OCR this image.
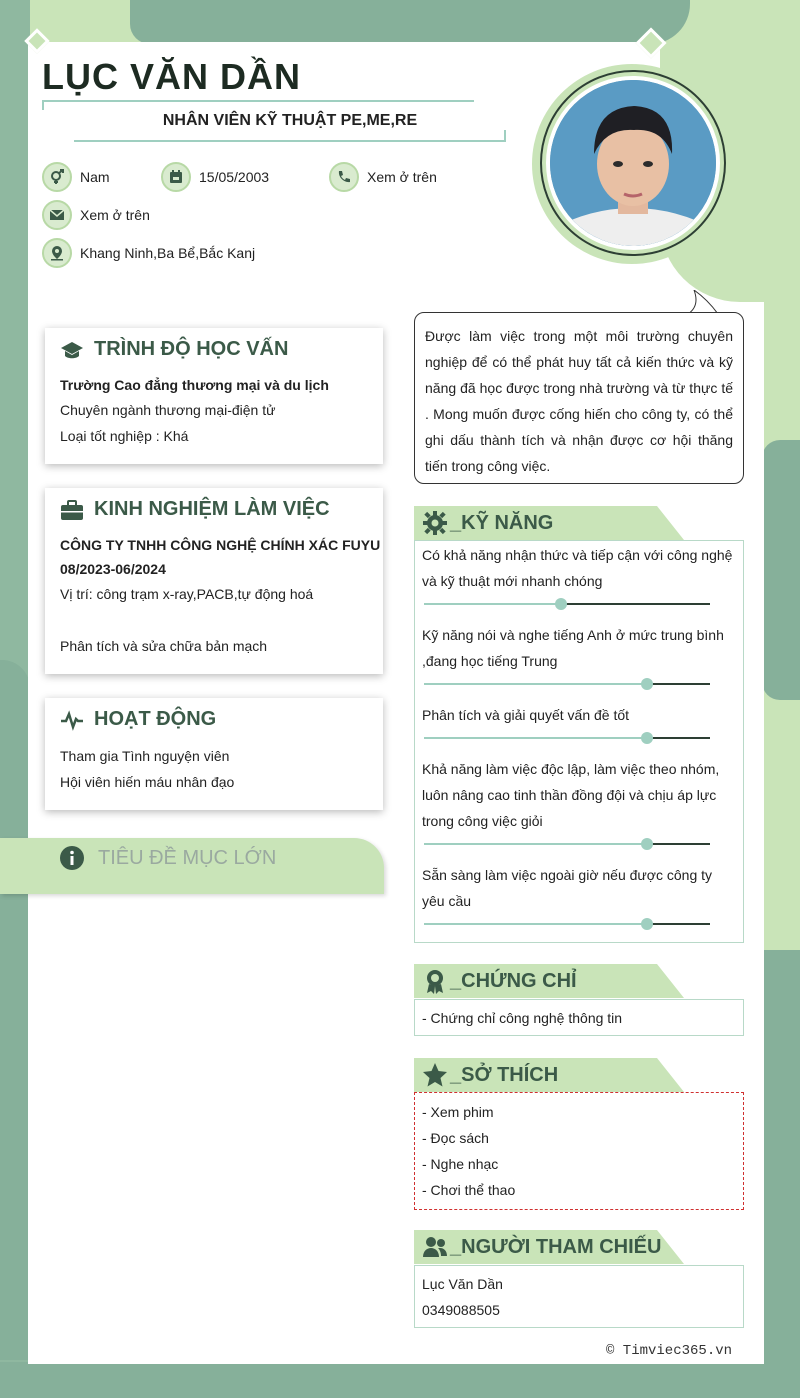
LỤC VĂN DẦN
NHÂN VIÊN KỸ THUẬT PE,ME,RE
Nam	15/05/2003	Xem ở trên
Xem ở trên
Khang Ninh,Ba Bể,Bắc Kanj
Được làm việc trong một môi trường chuyên nghiệp để có thể phát huy tất cả kiến thức và kỹ năng đã học được trong nhà trường và từ thực tế . Mong muốn được cống hiến cho công ty, có thể ghi dấu thành tích và nhận được cơ hội thăng tiến trong công việc.
TRÌNH ĐỘ HỌC VẤN
Trường Cao đẳng thương mại và du lịch
Chuyên ngành thương mại-điện tử
Loại tốt nghiệp : Khá
KINH NGHIỆM LÀM VIỆC
CÔNG TY TNHH CÔNG NGHỆ CHÍNH XÁC FUYU
08/2023-06/2024
Vị trí: công trạm x-ray,PACB,tự động hoá
Phân tích và sửa chữa bản mạch
HOẠT ĐỘNG
Tham gia Tình nguyện viên
Hội viên hiến máu nhân đạo
TIÊU ĐỀ MỤC LỚN
_KỸ NĂNG
Có khả năng nhận thức và tiếp cận với công nghệ và kỹ thuật mới nhanh chóng
Kỹ năng nói và nghe tiếng Anh ở mức trung bình ,đang học tiếng Trung
Phân tích và giải quyết vấn đề tốt
Khả năng làm việc độc lập, làm việc theo nhóm, luôn nâng cao tinh thần đồng đội và chịu áp lực trong công việc giỏi
Sẵn sàng làm việc ngoài giờ nếu được công ty yêu cầu
_CHỨNG CHỈ
- Chứng chỉ công nghệ thông tin
_SỞ THÍCH
- Xem phim
- Đọc sách
- Nghe nhạc
- Chơi thể thao
_NGƯỜI THAM CHIẾU
Lục Văn Dần
0349088505
© Timviec365.vn
